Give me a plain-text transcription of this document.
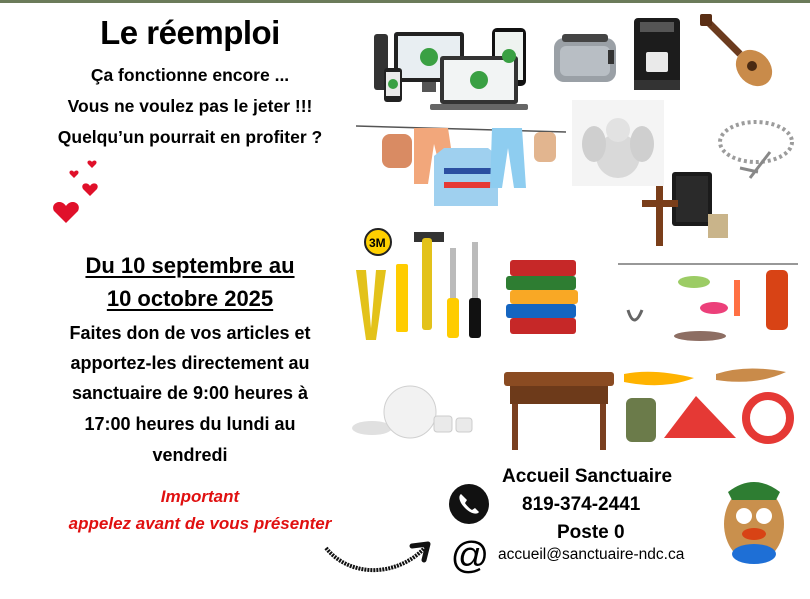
Le réemploi
Ça fonctionne encore ...
Vous ne voulez pas le jeter !!!
Quelqu’un pourrait en profiter ?
Du 10 septembre au
10 octobre 2025
Faites don de vos articles et
apportez-les directement au
sanctuaire de 9:00 heures à
17:00 heures du lundi au
vendredi
Important
appelez avant de vous présenter
Accueil Sanctuaire
819-374-2441
Poste 0
accueil@sanctuaire-ndc.ca
@
3M
